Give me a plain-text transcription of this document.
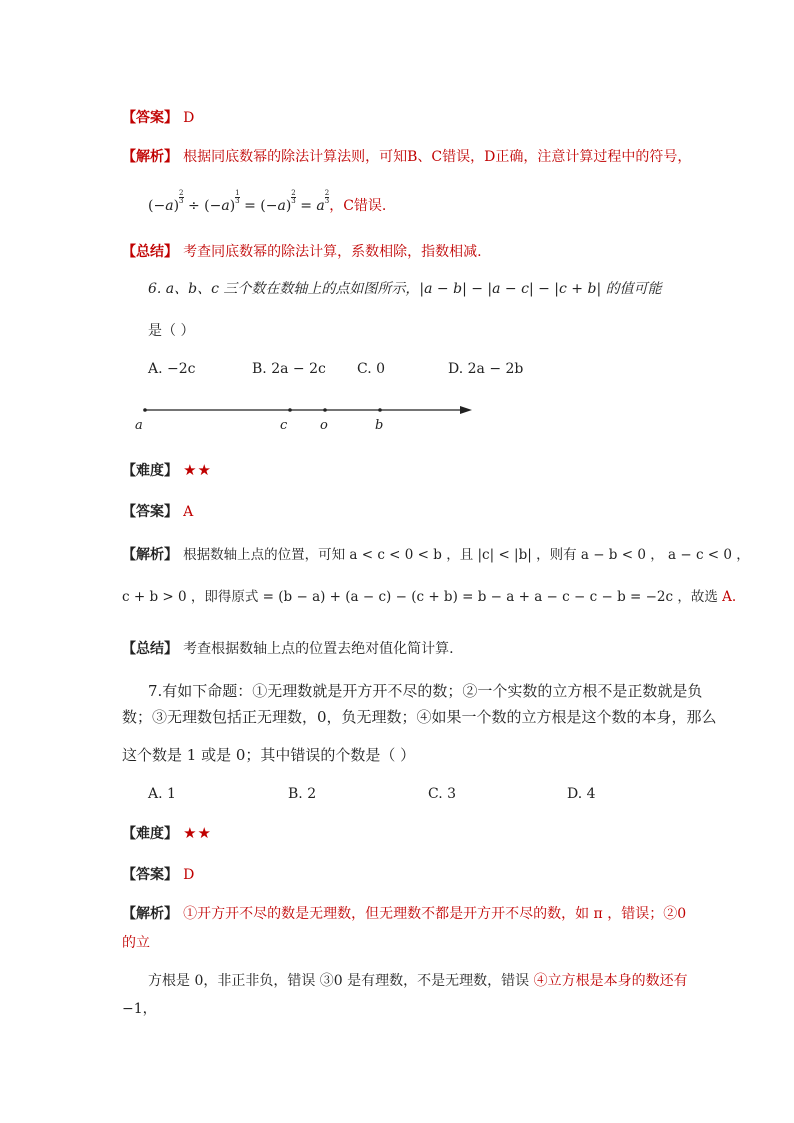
【答案】 D
【解析】 根据同底数幂的除法计算法则，可知B、C错误，D正确，注意计算过程中的符号，
(−a)
$\frac{2}{3}$
÷ (−a)
$\frac{1}{3}$
= (−a)
$\frac{2}{3}$
= a
$\frac{2}{3}$
，C错误.
【总结】 考查同底数幂的除法计算，系数相除，指数相减.
6. a、b、c 三个数在数轴上的点如图所示，|a − b| − |a − c| − |c + b| 的值可能
是（ ）
A. −2c	B. 2a − 2c C. 0	D. 2a − 2b
a	c	o	b
【难度】 ★★
【答案】 A
【解析】 根据数轴上点的位置，可知 a < c < 0 < b ，且 |c| < |b| ，则有 a − b < 0 ， a − c < 0 ，
c + b > 0 ，即得原式 = (b − a) + (a − c) − (c + b) = b − a + a − c − c − b = −2c ，故选 A.
【总结】 考查根据数轴上点的位置去绝对值化简计算.
7.有如下命题：①无理数就是开方开不尽的数；②一个实数的立方根不是正数就是负
数；③无理数包括正无理数，0，负无理数；④如果一个数的立方根是这个数的本身，那么
这个数是 1 或是 0；其中错误的个数是（ ）
A. 1	B. 2	C. 3	D. 4
【难度】 ★★
【答案】 D
【解析】 ①开方开不尽的数是无理数，但无理数不都是开方开不尽的数，如 π ，错误；②0
的立
方根是 0，非正非负，错误 ③0 是有理数，不是无理数，错误 ④立方根是本身的数还有
−1，
